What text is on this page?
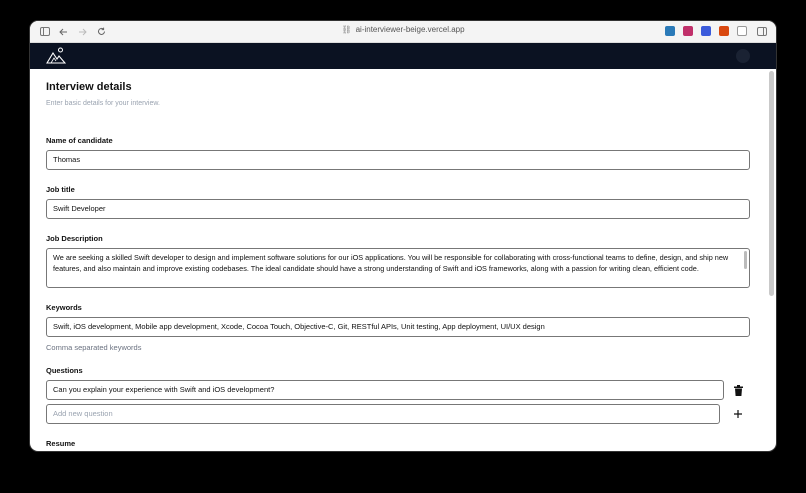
⛓ ai-interviewer-beige.vercel.app
Interview details
Enter basic details for your interview.
Name of candidate
Thomas
Job title
Swift Developer
Job Description
We are seeking a skilled Swift developer to design and implement software solutions for our iOS applications. You will be responsible for collaborating with cross-functional teams to define, design, and ship new features, and also maintain and improve existing codebases. The ideal candidate should have a strong understanding of Swift and iOS frameworks, along with a passion for writing clean, efficient code.
Keywords
Swift, iOS development, Mobile app development, Xcode, Cocoa Touch, Objective-C, Git, RESTful APIs, Unit testing, App deployment, UI/UX design
Comma separated keywords
Questions
Can you explain your experience with Swift and iOS development?
Add new question
Resume
